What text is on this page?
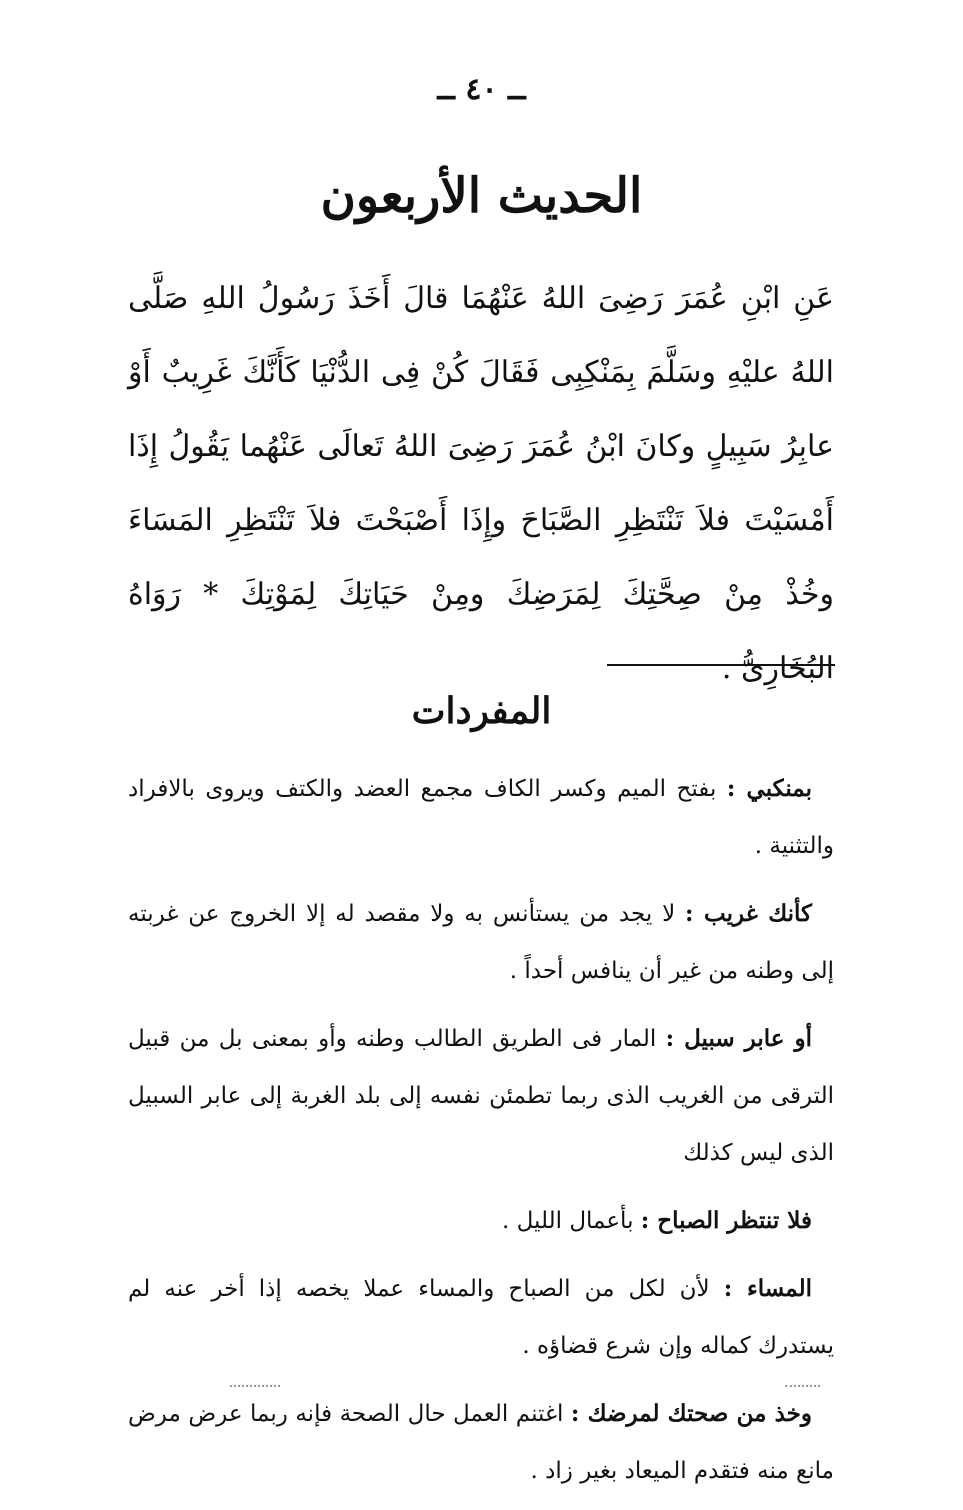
ــ ٤٠ ــ
الحديث الأربعون

عَنِ ابْنِ عُمَرَ رَضِىَ اللهُ عَنْهُمَا قالَ أَخَذَ رَسُولُ اللهِ صَلَّى اللهُ عليْهِ وسَلَّمَ بِمَنْكِبِى فَقَالَ كُنْ فِى الدُّنْيَا كَأَنَّكَ غَرِيبٌ أَوْ عابِرُ سَبِيلٍ وكانَ ابْنُ عُمَرَ رَضِىَ اللهُ تَعالَى عَنْهُما يَقُولُ إِذَا أَمْسَيْتَ فلاَ تَنْتَظِرِ الصَّبَاحَ وإِذَا أَصْبَحْتَ فلاَ تَنْتَظِرِ المَسَاءَ وخُذْ مِنْ صِحَّتِكَ لِمَرَضِكَ ومِنْ حَيَاتِكَ لِمَوْتِكَ * رَوَاهُ البُخَارِىُّ .

المفردات

بمنكبي : بفتح الميم وكسر الكاف مجمع العضد والكتف ويروى بالافراد والتثنية .

كأنك غريب : لا يجد من يستأنس به ولا مقصد له إلا الخروج عن غربته إلى وطنه من غير أن ينافس أحداً .

أو عابر سبيل : المار فى الطريق الطالب وطنه وأو بمعنى بل من قبيل الترقى من الغريب الذى ربما تطمئن نفسه إلى بلد الغربة إلى عابر السبيل الذى ليس كذلك

فلا تنتظر الصباح : بأعمال الليل .

المساء : لأن لكل من الصباح والمساء عملا يخصه إذا أخر عنه لم يستدرك كماله وإن شرع قضاؤه .

وخذ من صحتك لمرضك : اغتنم العمل حال الصحة فإنه ربما عرض مرض مانع منه فتقدم الميعاد بغير زاد .
